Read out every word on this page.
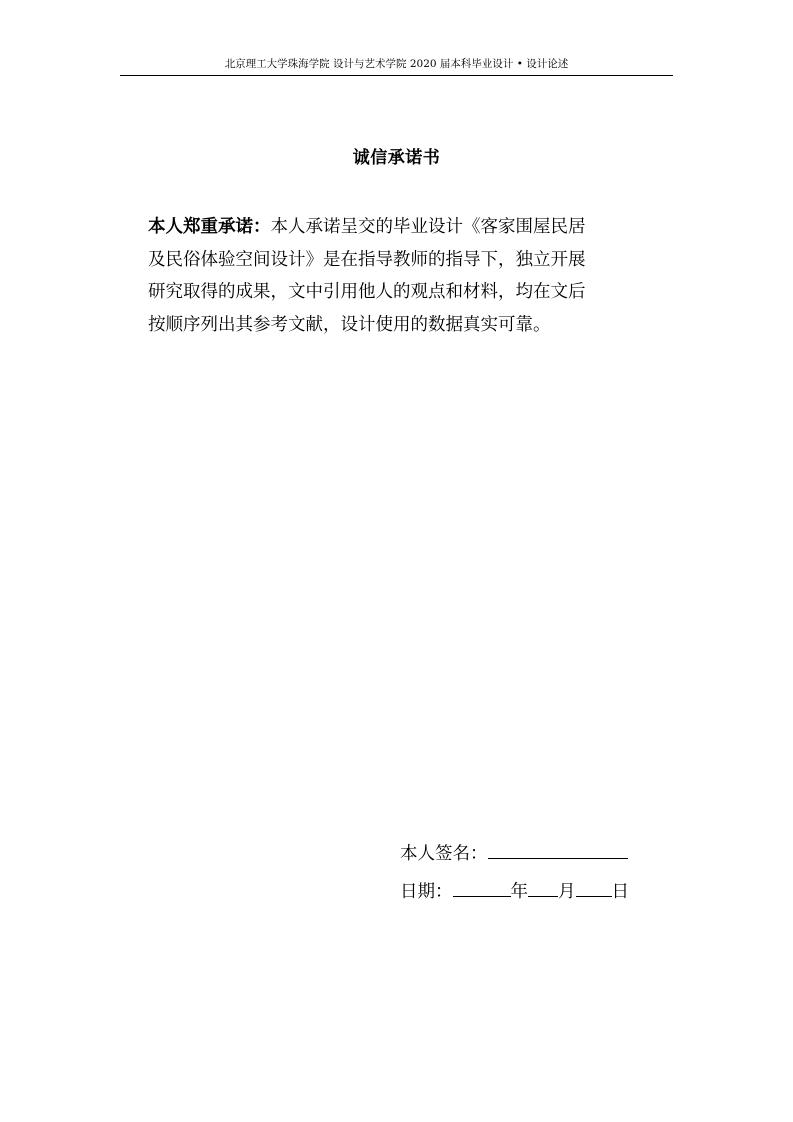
北京理工大学珠海学院 设计与艺术学院 2020 届本科毕业设计 • 设计论述
诚信承诺书
本人郑重承诺：本人承诺呈交的毕业设计《客家围屋民居
及民俗体验空间设计》是在指导教师的指导下，独立开展
研究取得的成果，文中引用他人的观点和材料，均在文后
按顺序列出其参考文献，设计使用的数据真实可靠。
本人签名：
日期：	年 月 日
